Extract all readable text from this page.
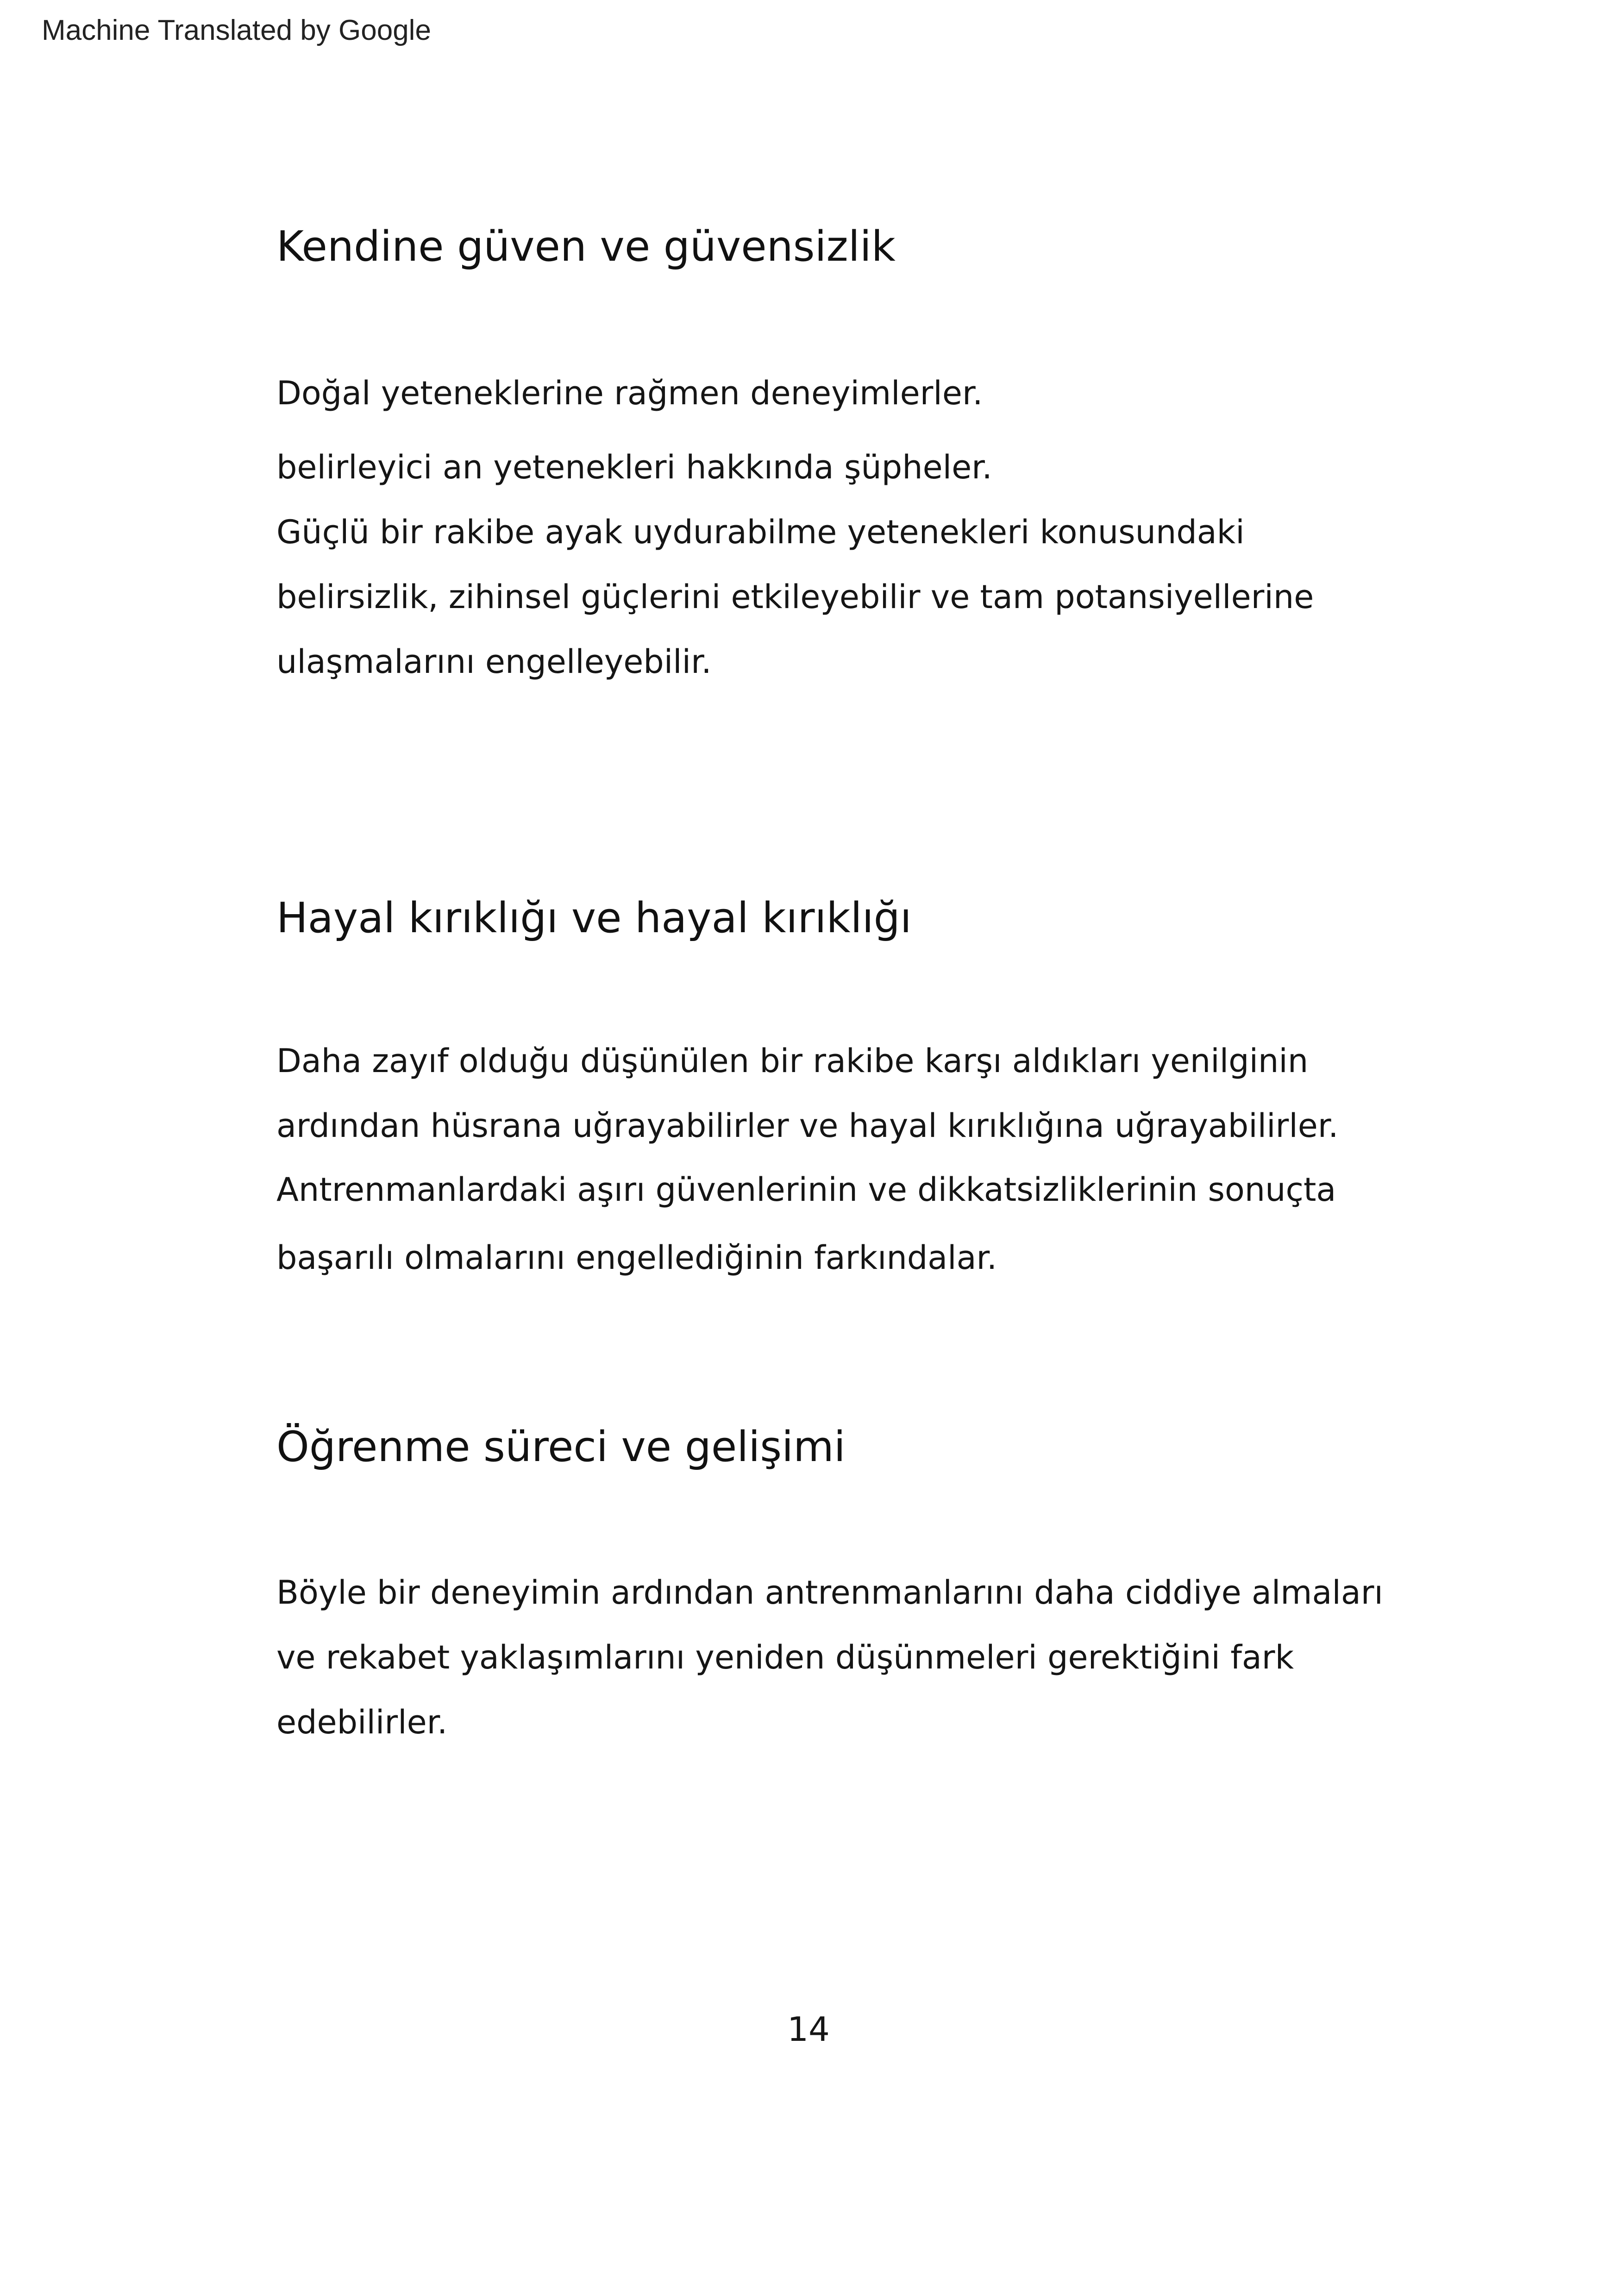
Machine Translated by Google
Kendine güven ve güvensizlik
Doğal yeteneklerine rağmen deneyimlerler.
belirleyici an yetenekleri hakkında şüpheler.
Güçlü bir rakibe ayak uydurabilme yetenekleri konusundaki
belirsizlik, zihinsel güçlerini etkileyebilir ve tam potansiyellerine
ulaşmalarını engelleyebilir.
Hayal kırıklığı ve hayal kırıklığı
Daha zayıf olduğu düşünülen bir rakibe karşı aldıkları yenilginin
ardından hüsrana uğrayabilirler ve hayal kırıklığına uğrayabilirler.
Antrenmanlardaki aşırı güvenlerinin ve dikkatsizliklerinin sonuçta
başarılı olmalarını engellediğinin farkındalar.
Öğrenme süreci ve gelişimi
Böyle bir deneyimin ardından antrenmanlarını daha ciddiye almaları
ve rekabet yaklaşımlarını yeniden düşünmeleri gerektiğini fark
edebilirler.
14
